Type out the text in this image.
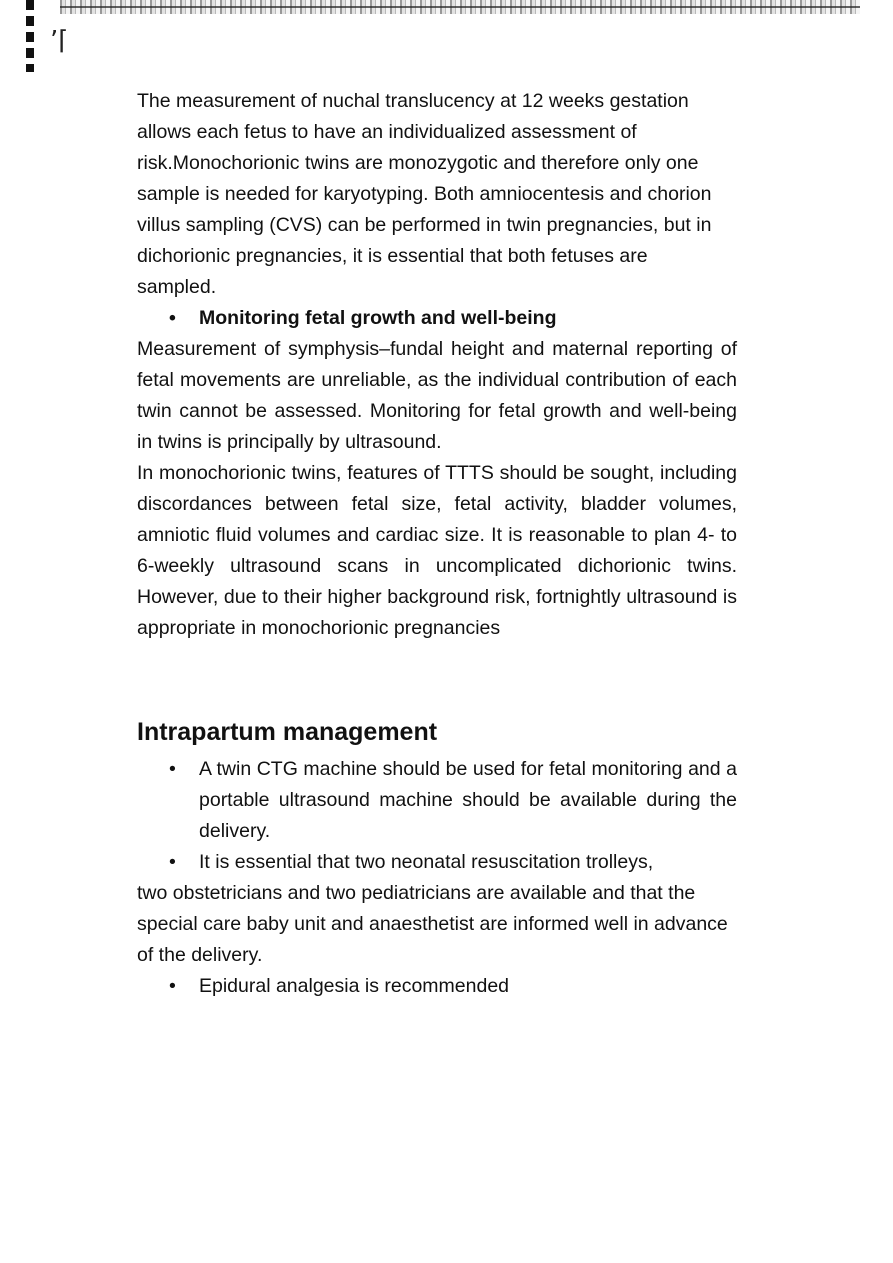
’⌈

The measurement of nuchal translucency at 12 weeks gestation allows each fetus to have an individualized assessment of risk.Monochorionic twins are monozygotic and therefore only one sample is needed for karyotyping. Both amniocentesis and chorion villus sampling (CVS) can be performed in twin pregnancies, but in dichorionic pregnancies, it is essential that both fetuses are sampled.

• Monitoring fetal growth and well-being

Measurement of symphysis–fundal height and maternal reporting of fetal movements are unreliable, as the individual contribution of each twin cannot be assessed. Monitoring for fetal growth and well-being in twins is principally by ultrasound.

In monochorionic twins, features of TTTS should be sought, including discordances between fetal size, fetal activity, bladder volumes, amniotic fluid volumes and cardiac size. It is reasonable to plan 4- to 6-weekly ultrasound scans in uncomplicated dichorionic twins. However, due to their higher background risk, fortnightly ultrasound is appropriate in monochorionic pregnancies

Intrapartum management
• A twin CTG machine should be used for fetal monitoring and a portable ultrasound machine should be available during the delivery.
• It is essential that two neonatal resuscitation trolleys,

two obstetricians and two pediatricians are available and that the special care baby unit and anaesthetist are informed well in advance of the delivery.

• Epidural analgesia is recommended
